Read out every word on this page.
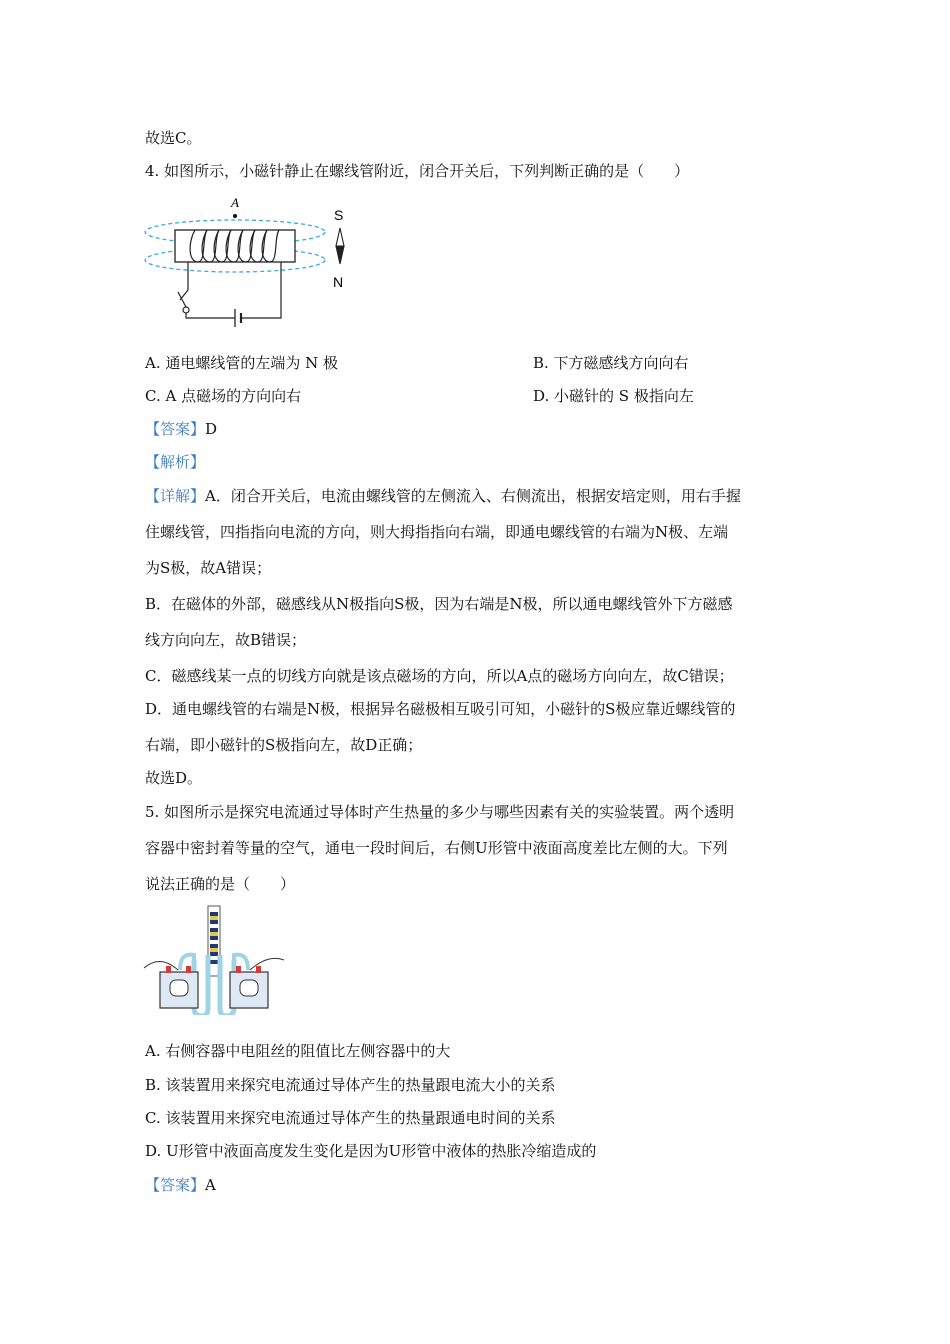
故选C。
4. 如图所示，小磁针静止在螺线管附近，闭合开关后，下列判断正确的是（　　）
A
S
N
A. 通电螺线管的左端为 N 极	B. 下方磁感线方向向右
C. A 点磁场的方向向右	D. 小磁针的 S 极指向左
【答案】D
【解析】
【详解】A．闭合开关后，电流由螺线管的左侧流入、右侧流出，根据安培定则，用右手握
住螺线管，四指指向电流的方向，则大拇指指向右端，即通电螺线管的右端为N极、左端
为S极，故A错误；
B．在磁体的外部，磁感线从N极指向S极，因为右端是N极，所以通电螺线管外下方磁感
线方向向左，故B错误；
C．磁感线某一点的切线方向就是该点磁场的方向，所以A点的磁场方向向左，故C错误；
D．通电螺线管的右端是N极，根据异名磁极相互吸引可知，小磁针的S极应靠近螺线管的
右端，即小磁针的S极指向左，故D正确；
故选D。
5. 如图所示是探究电流通过导体时产生热量的多少与哪些因素有关的实验装置。两个透明
容器中密封着等量的空气，通电一段时间后，右侧U形管中液面高度差比左侧的大。下列
说法正确的是（　　）
A. 右侧容器中电阻丝的阻值比左侧容器中的大
B. 该装置用来探究电流通过导体产生的热量跟电流大小的关系
C. 该装置用来探究电流通过导体产生的热量跟通电时间的关系
D. U形管中液面高度发生变化是因为U形管中液体的热胀冷缩造成的
【答案】A
